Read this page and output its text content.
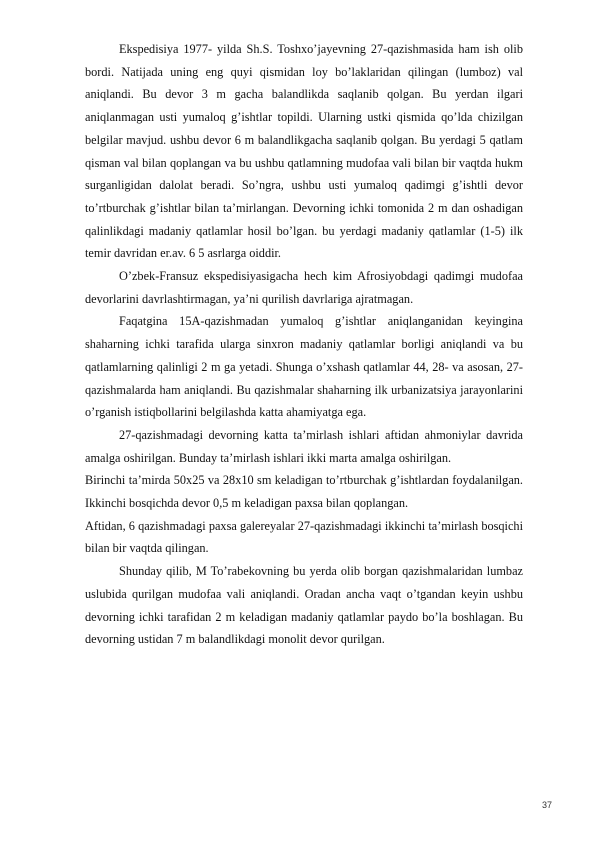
Ekspedisiya 1977- yilda Sh.S. Toshxo’jayevning 27-qazishmasida ham ish olib bordi. Natijada uning eng quyi qismidan loy bo’laklaridan qilingan (lumboz) val aniqlandi. Bu devor 3 m gacha balandlikda saqlanib qolgan. Bu yerdan ilgari aniqlanmagan usti yumaloq g’ishtlar topildi. Ularning ustki qismida qo’lda chizilgan belgilar mavjud. ushbu devor 6 m balandlikgacha saqlanib qolgan. Bu yerdagi 5 qatlam qisman val bilan qoplangan va bu ushbu qatlamning mudofaa vali bilan bir vaqtda hukm surganligidan dalolat beradi. So’ngra, ushbu usti yumaloq qadimgi g’ishtli devor to’rtburchak g’ishtlar bilan ta’mirlangan. Devorning ichki tomonida 2 m dan oshadigan qalinlikdagi madaniy qatlamlar hosil bo’lgan. bu yerdagi madaniy qatlamlar (1-5) ilk temir davridan er.av. 6 5 asrlarga oiddir.

O’zbek-Fransuz ekspedisiyasigacha hech kim Afrosiyobdagi qadimgi mudofaa devorlarini davrlashtirmagan, ya’ni qurilish davrlariga ajratmagan.

Faqatgina 15A-qazishmadan yumaloq g’ishtlar aniqlanganidan keyingina shaharning ichki tarafida ularga sinxron madaniy qatlamlar borligi aniqlandi va bu qatlamlarning qalinligi 2 m ga yetadi. Shunga o’xshash qatlamlar 44, 28- va asosan, 27- qazishmalarda ham aniqlandi. Bu qazishmalar shaharning ilk urbanizatsiya jarayonlarini o’rganish istiqbollarini belgilashda katta ahamiyatga ega.

27-qazishmadagi devorning katta ta’mirlash ishlari aftidan ahmoniylar davrida amalga oshirilgan. Bunday ta’mirlash ishlari ikki marta amalga oshirilgan.

Birinchi ta’mirda 50x25 va 28x10 sm keladigan to’rtburchak g’ishtlardan foydalanilgan. Ikkinchi bosqichda devor 0,5 m keladigan paxsa bilan qoplangan.

Aftidan, 6 qazishmadagi paxsa galereyalar 27-qazishmadagi ikkinchi ta’mirlash bosqichi bilan bir vaqtda qilingan.

Shunday qilib, M To’rabekovning bu yerda olib borgan qazishmalaridan lumbaz uslubida qurilgan mudofaa vali aniqlandi. Oradan ancha vaqt o’tgandan keyin ushbu devorning ichki tarafidan 2 m keladigan madaniy qatlamlar paydo bo’la boshlagan. Bu devorning ustidan 7 m balandlikdagi monolit devor qurilgan.

37
